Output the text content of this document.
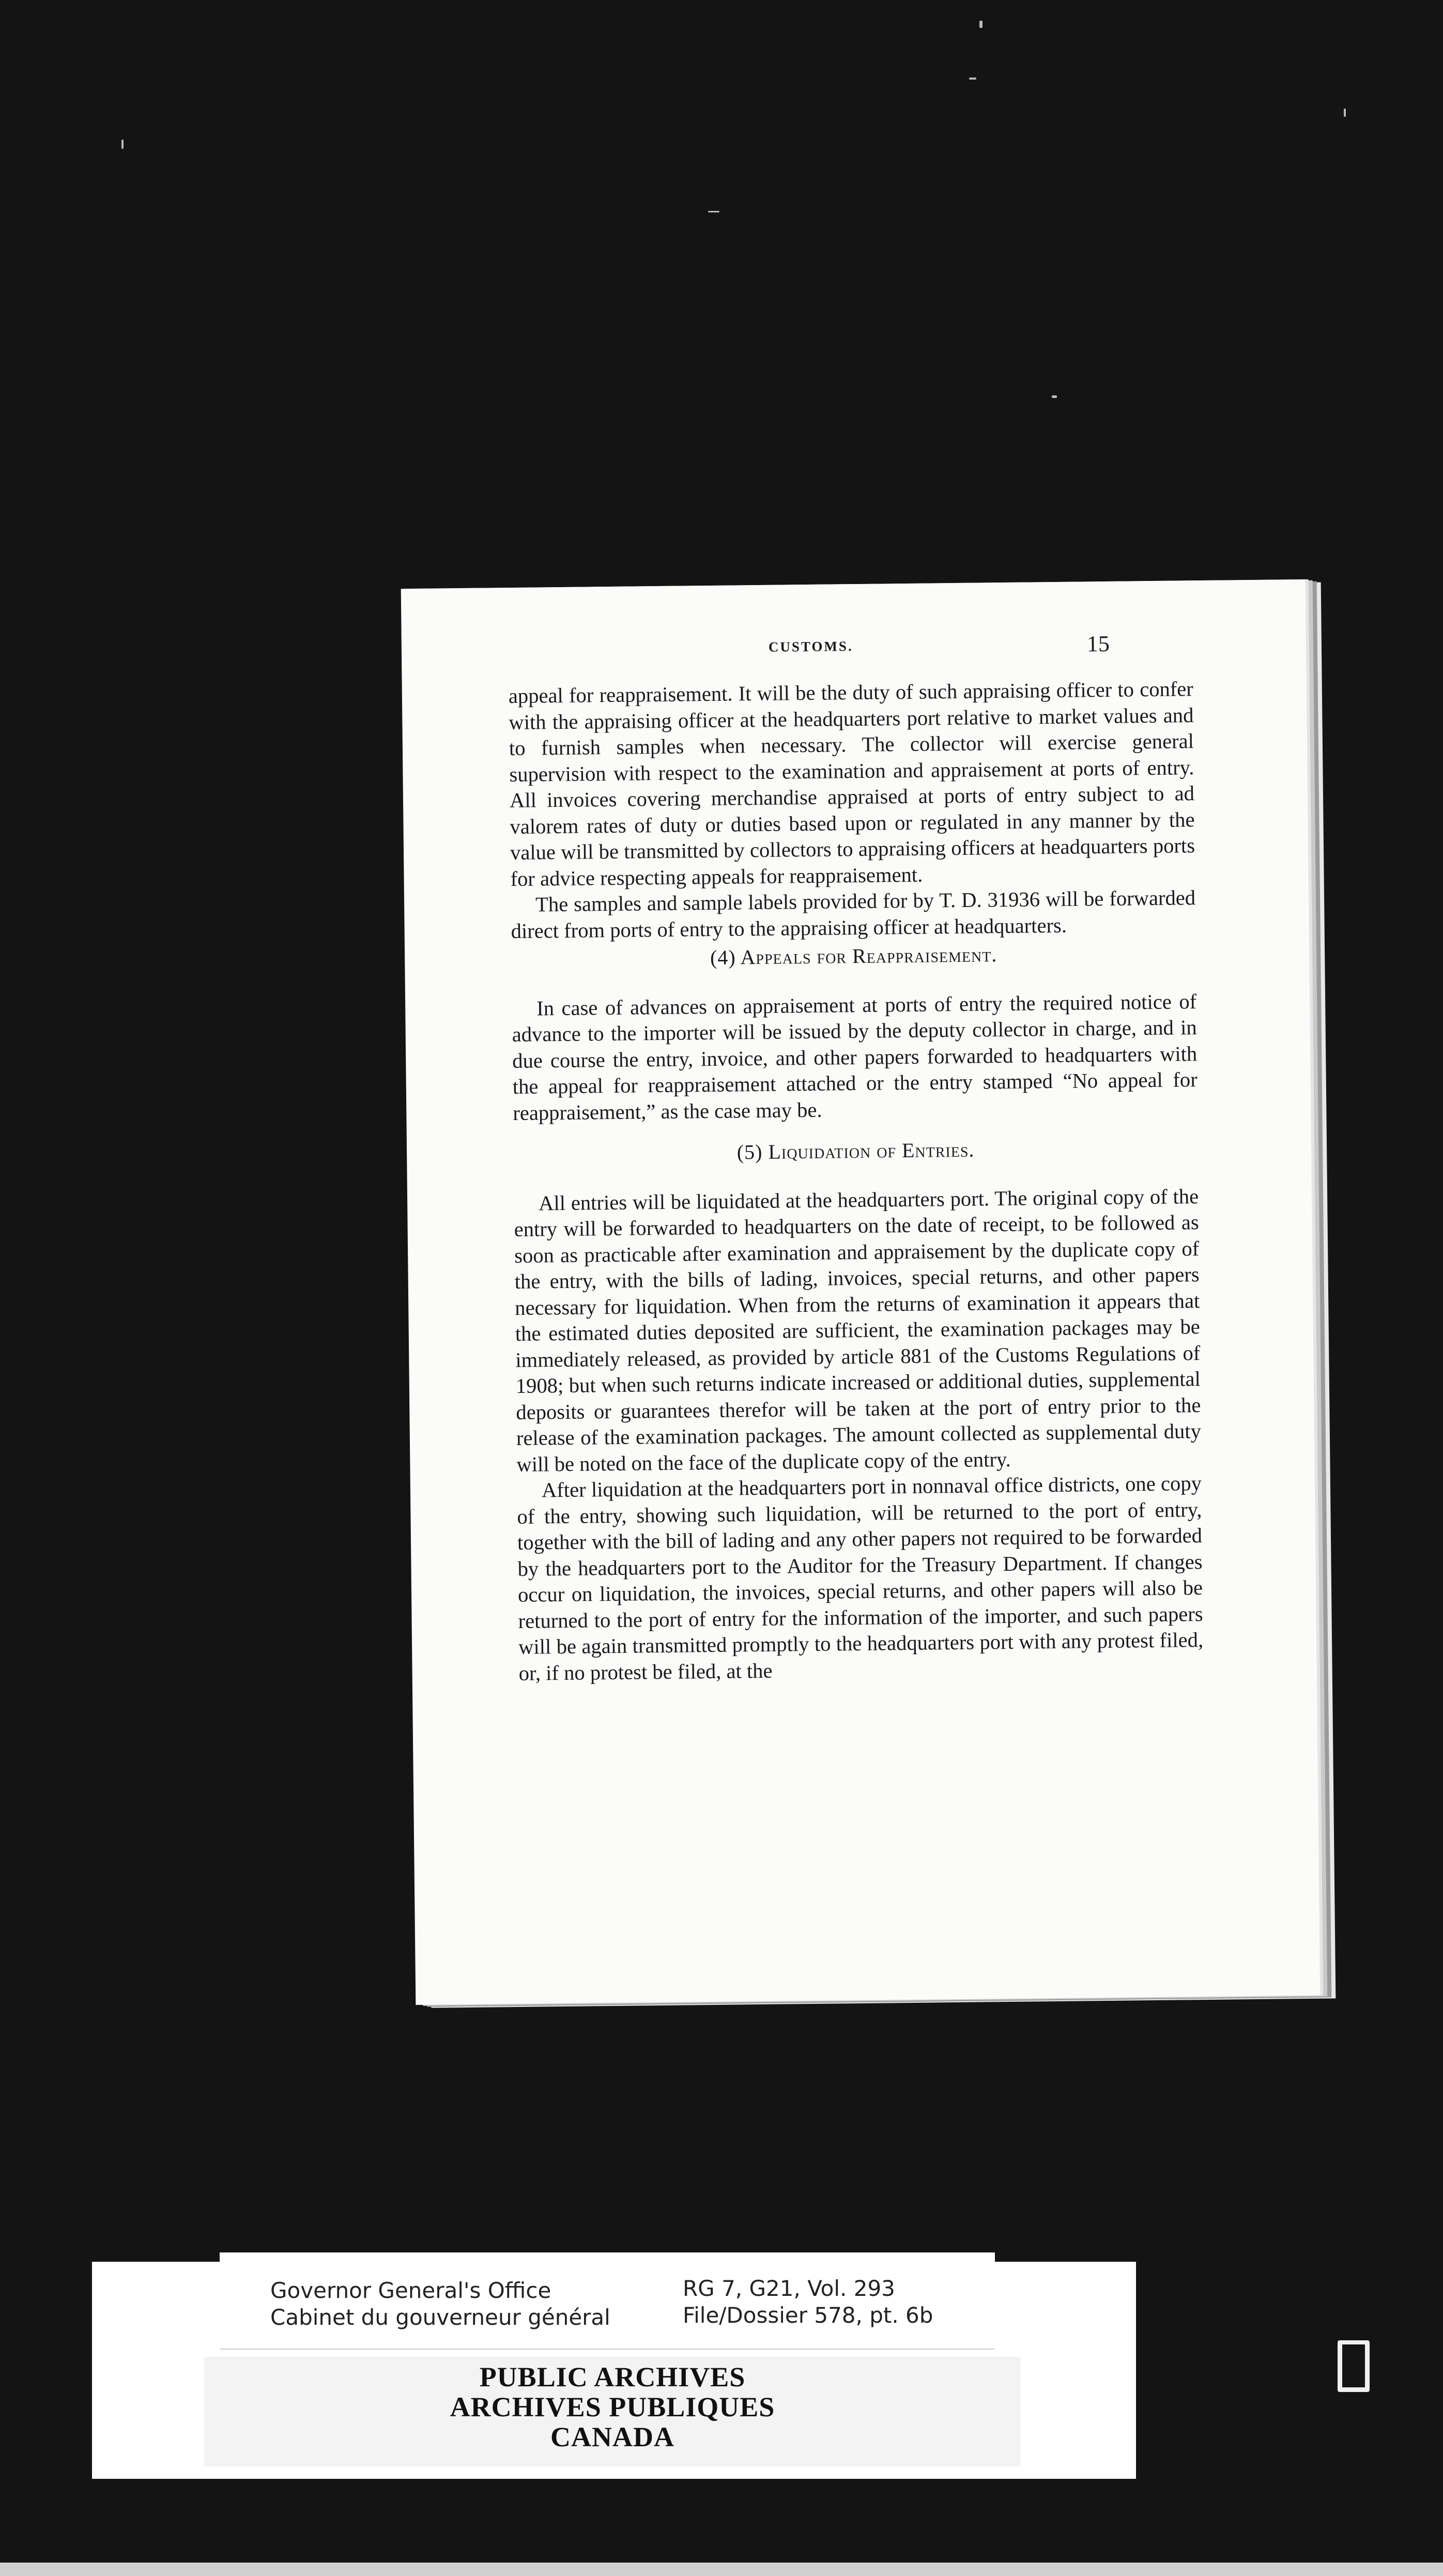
CUSTOMS.	15

appeal for reappraisement. It will be the duty of such appraising officer to confer with the appraising officer at the headquarters port relative to market values and to furnish samples when necessary. The collector will exercise general supervision with respect to the examination and appraisement at ports of entry. All invoices covering merchandise appraised at ports of entry subject to ad valorem rates of duty or duties based upon or regulated in any manner by the value will be transmitted by collectors to appraising officers at headquarters ports for advice respecting appeals for reappraisement.

The samples and sample labels provided for by T. D. 31936 will be forwarded direct from ports of entry to the appraising officer at headquarters.

(4) Appeals for Reappraisement.

In case of advances on appraisement at ports of entry the required notice of advance to the importer will be issued by the deputy collector in charge, and in due course the entry, invoice, and other papers forwarded to headquarters with the appeal for reappraisement attached or the entry stamped “No appeal for reappraisement,” as the case may be.

(5) Liquidation of Entries.

All entries will be liquidated at the headquarters port. The original copy of the entry will be forwarded to headquarters on the date of receipt, to be followed as soon as practicable after examination and appraisement by the duplicate copy of the entry, with the bills of lading, invoices, special returns, and other papers necessary for liquidation. When from the returns of examination it appears that the estimated duties deposited are sufficient, the examination packages may be immediately released, as provided by article 881 of the Customs Regulations of 1908; but when such returns indicate increased or additional duties, supplemental deposits or guarantees therefor will be taken at the port of entry prior to the release of the examination packages. The amount collected as supplemental duty will be noted on the face of the duplicate copy of the entry.

After liquidation at the headquarters port in nonnaval office districts, one copy of the entry, showing such liquidation, will be returned to the port of entry, together with the bill of lading and any other papers not required to be forwarded by the headquarters port to the Auditor for the Treasury Department. If changes occur on liquidation, the invoices, special returns, and other papers will also be returned to the port of entry for the information of the importer, and such papers will be again transmitted promptly to the headquarters port with any protest filed, or, if no protest be filed, at the

Governor General's Office
Cabinet du gouverneur général
RG 7, G21, Vol. 293
File/Dossier 578, pt. 6b
PUBLIC ARCHIVES
ARCHIVES PUBLIQUES
CANADA
